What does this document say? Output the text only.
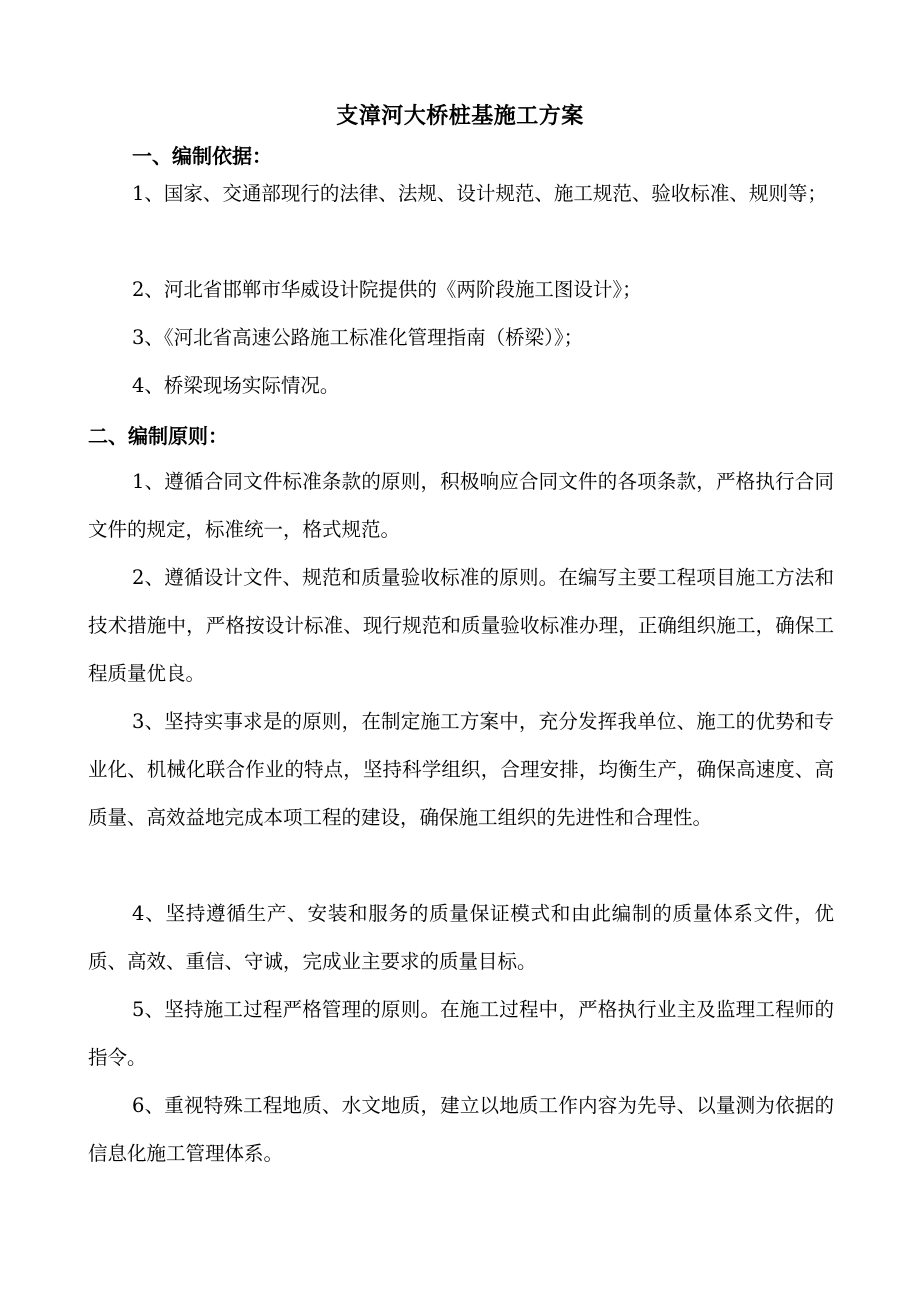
支漳河大桥桩基施工方案
一、编制依据：

1、国家、交通部现行的法律、法规、设计规范、施工规范、验收标准、规则等；

2、河北省邯郸市华威设计院提供的《两阶段施工图设计》；

3、《河北省高速公路施工标准化管理指南（桥梁）》；

4、桥梁现场实际情况。

二、编制原则：

1、遵循合同文件标准条款的原则，积极响应合同文件的各项条款，严格执行合同文件的规定，标准统一，格式规范。

2、遵循设计文件、规范和质量验收标准的原则。在编写主要工程项目施工方法和技术措施中，严格按设计标准、现行规范和质量验收标准办理，正确组织施工，确保工程质量优良。

3、坚持实事求是的原则，在制定施工方案中，充分发挥我单位、施工的优势和专业化、机械化联合作业的特点，坚持科学组织，合理安排，均衡生产，确保高速度、高质量、高效益地完成本项工程的建设，确保施工组织的先进性和合理性。

4、坚持遵循生产、安装和服务的质量保证模式和由此编制的质量体系文件，优质、高效、重信、守诚，完成业主要求的质量目标。

5、坚持施工过程严格管理的原则。在施工过程中，严格执行业主及监理工程师的指令。

6、重视特殊工程地质、水文地质，建立以地质工作内容为先导、以量测为依据的信息化施工管理体系。
